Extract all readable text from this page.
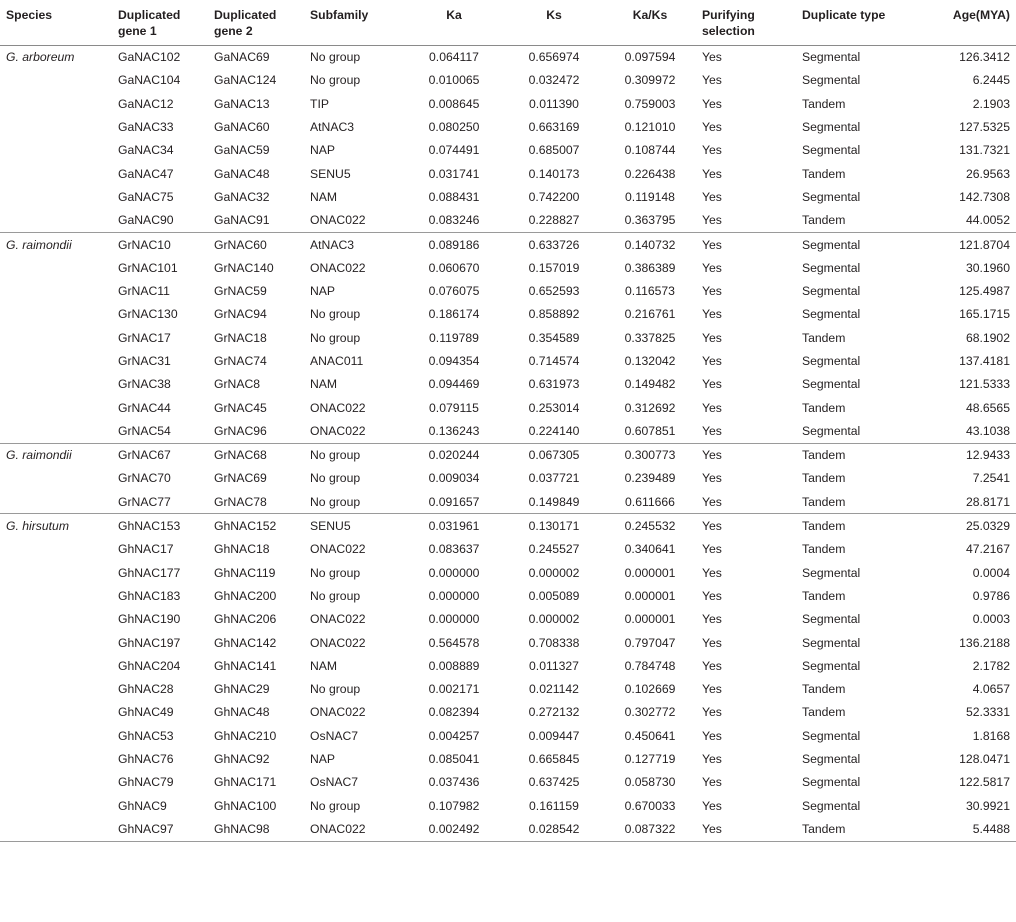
Species	Duplicated gene 1	Duplicated gene 2	Subfamily	Ka	Ks	Ka/Ks	Purifying selection	Duplicate type	Age(MYA)
G. arboreum	GaNAC102	GaNAC69	No group	0.064117	0.656974	0.097594	Yes	Segmental	126.3412
	GaNAC104	GaNAC124	No group	0.010065	0.032472	0.309972	Yes	Segmental	6.2445
	GaNAC12	GaNAC13	TIP	0.008645	0.011390	0.759003	Yes	Tandem	2.1903
	GaNAC33	GaNAC60	AtNAC3	0.080250	0.663169	0.121010	Yes	Segmental	127.5325
	GaNAC34	GaNAC59	NAP	0.074491	0.685007	0.108744	Yes	Segmental	131.7321
	GaNAC47	GaNAC48	SENU5	0.031741	0.140173	0.226438	Yes	Tandem	26.9563
	GaNAC75	GaNAC32	NAM	0.088431	0.742200	0.119148	Yes	Segmental	142.7308
	GaNAC90	GaNAC91	ONAC022	0.083246	0.228827	0.363795	Yes	Tandem	44.0052
G. raimondii	GrNAC10	GrNAC60	AtNAC3	0.089186	0.633726	0.140732	Yes	Segmental	121.8704
	GrNAC101	GrNAC140	ONAC022	0.060670	0.157019	0.386389	Yes	Segmental	30.1960
	GrNAC11	GrNAC59	NAP	0.076075	0.652593	0.116573	Yes	Segmental	125.4987
	GrNAC130	GrNAC94	No group	0.186174	0.858892	0.216761	Yes	Segmental	165.1715
	GrNAC17	GrNAC18	No group	0.119789	0.354589	0.337825	Yes	Tandem	68.1902
	GrNAC31	GrNAC74	ANAC011	0.094354	0.714574	0.132042	Yes	Segmental	137.4181
	GrNAC38	GrNAC8	NAM	0.094469	0.631973	0.149482	Yes	Segmental	121.5333
	GrNAC44	GrNAC45	ONAC022	0.079115	0.253014	0.312692	Yes	Tandem	48.6565
	GrNAC54	GrNAC96	ONAC022	0.136243	0.224140	0.607851	Yes	Segmental	43.1038
G. raimondii	GrNAC67	GrNAC68	No group	0.020244	0.067305	0.300773	Yes	Tandem	12.9433
	GrNAC70	GrNAC69	No group	0.009034	0.037721	0.239489	Yes	Tandem	7.2541
	GrNAC77	GrNAC78	No group	0.091657	0.149849	0.611666	Yes	Tandem	28.8171
G. hirsutum	GhNAC153	GhNAC152	SENU5	0.031961	0.130171	0.245532	Yes	Tandem	25.0329
	GhNAC17	GhNAC18	ONAC022	0.083637	0.245527	0.340641	Yes	Tandem	47.2167
	GhNAC177	GhNAC119	No group	0.000000	0.000002	0.000001	Yes	Segmental	0.0004
	GhNAC183	GhNAC200	No group	0.000000	0.005089	0.000001	Yes	Tandem	0.9786
	GhNAC190	GhNAC206	ONAC022	0.000000	0.000002	0.000001	Yes	Segmental	0.0003
	GhNAC197	GhNAC142	ONAC022	0.564578	0.708338	0.797047	Yes	Segmental	136.2188
	GhNAC204	GhNAC141	NAM	0.008889	0.011327	0.784748	Yes	Segmental	2.1782
	GhNAC28	GhNAC29	No group	0.002171	0.021142	0.102669	Yes	Tandem	4.0657
	GhNAC49	GhNAC48	ONAC022	0.082394	0.272132	0.302772	Yes	Tandem	52.3331
	GhNAC53	GhNAC210	OsNAC7	0.004257	0.009447	0.450641	Yes	Segmental	1.8168
	GhNAC76	GhNAC92	NAP	0.085041	0.665845	0.127719	Yes	Segmental	128.0471
	GhNAC79	GhNAC171	OsNAC7	0.037436	0.637425	0.058730	Yes	Segmental	122.5817
	GhNAC9	GhNAC100	No group	0.107982	0.161159	0.670033	Yes	Segmental	30.9921
	GhNAC97	GhNAC98	ONAC022	0.002492	0.028542	0.087322	Yes	Tandem	5.4488
